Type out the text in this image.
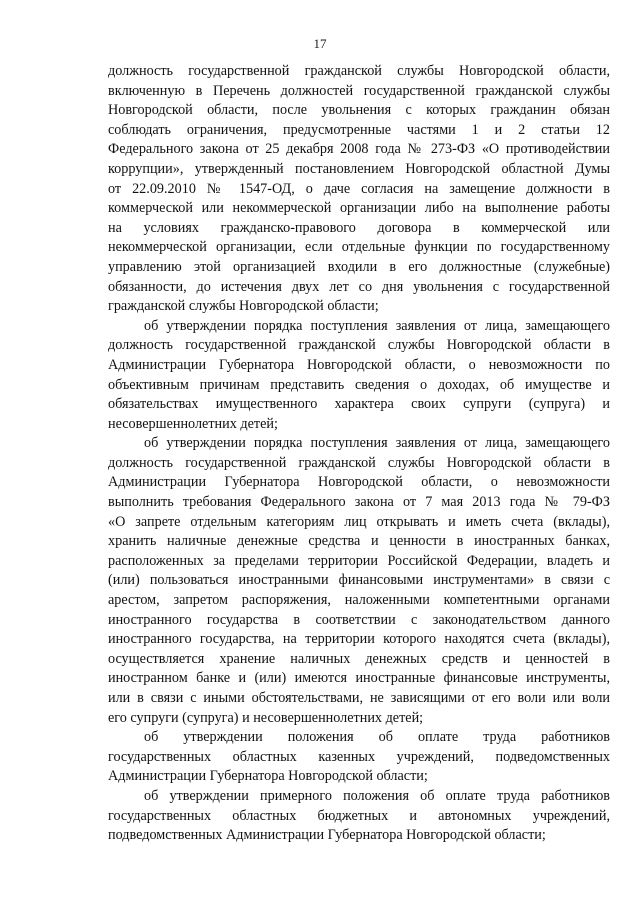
17
должность государственной гражданской службы Новгородской области,
включенную в Перечень должностей государственной гражданской службы
Новгородской области, после увольнения с которых гражданин обязан
соблюдать ограничения, предусмотренные частями 1 и 2 статьи 12
Федерального закона от 25 декабря 2008 года № 273-ФЗ «О противодействии
коррупции», утвержденный постановлением Новгородской областной Думы
от 22.09.2010 № 1547-ОД, о даче согласия на замещение должности в
коммерческой или некоммерческой организации либо на выполнение работы
на условиях гражданско-правового договора в коммерческой или
некоммерческой организации, если отдельные функции по государственному
управлению этой организацией входили в его должностные (служебные)
обязанности, до истечения двух лет со дня увольнения с государственной
гражданской службы Новгородской области;
об утверждении порядка поступления заявления от лица, замещающего
должность государственной гражданской службы Новгородской области в
Администрации Губернатора Новгородской области, о невозможности по
объективным причинам представить сведения о доходах, об имуществе и
обязательствах имущественного характера своих супруги (супруга) и
несовершеннолетних детей;
об утверждении порядка поступления заявления от лица, замещающего
должность государственной гражданской службы Новгородской области в
Администрации Губернатора Новгородской области, о невозможности
выполнить требования Федерального закона от 7 мая 2013 года № 79-ФЗ
«О запрете отдельным категориям лиц открывать и иметь счета (вклады),
хранить наличные денежные средства и ценности в иностранных банках,
расположенных за пределами территории Российской Федерации, владеть и
(или) пользоваться иностранными финансовыми инструментами» в связи с
арестом, запретом распоряжения, наложенными компетентными органами
иностранного государства в соответствии с законодательством данного
иностранного государства, на территории которого находятся счета (вклады),
осуществляется хранение наличных денежных средств и ценностей в
иностранном банке и (или) имеются иностранные финансовые инструменты,
или в связи с иными обстоятельствами, не зависящими от его воли или воли
его супруги (супруга) и несовершеннолетних детей;
об утверждении положения об оплате труда работников
государственных областных казенных учреждений, подведомственных
Администрации Губернатора Новгородской области;
об утверждении примерного положения об оплате труда работников
государственных областных бюджетных и автономных учреждений,
подведомственных Администрации Губернатора Новгородской области;
